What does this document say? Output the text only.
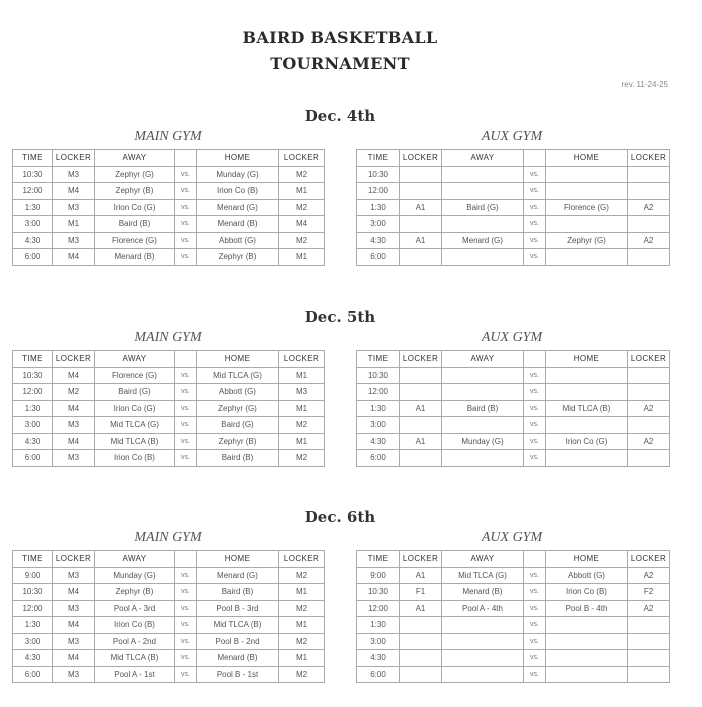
BAIRD BASKETBALL
TOURNAMENT
rev. 11-24-25
Dec. 4th
MAIN GYM	AUX GYM
TIME	LOCKER	AWAY		HOME	LOCKER
10:30	M3	Zephyr (G)	vs.	Munday (G)	M2
12:00	M4	Zephyr (B)	vs.	Irion Co (B)	M1
1:30	M3	Irion Co (G)	vs.	Menard (G)	M2
3:00	M1	Baird (B)	vs.	Menard (B)	M4
4:30	M3	Florence (G)	vs.	Abbott (G)	M2
6:00	M4	Menard (B)	vs.	Zephyr (B)	M1
TIME	LOCKER	AWAY		HOME	LOCKER
10:30			vs.		
12:00			vs.		
1:30	A1	Baird (G)	vs.	Florence (G)	A2
3:00			vs.		
4:30	A1	Menard (G)	vs.	Zephyr (G)	A2
6:00			vs.		
Dec. 5th
MAIN GYM	AUX GYM
TIME	LOCKER	AWAY		HOME	LOCKER
10:30	M4	Florence (G)	vs.	Mid TLCA (G)	M1
12:00	M2	Baird (G)	vs.	Abbott (G)	M3
1:30	M4	Irion Co (G)	vs.	Zephyr (G)	M1
3:00	M3	Mid TLCA (G)	vs.	Baird (G)	M2
4:30	M4	Mid TLCA (B)	vs.	Zephyr (B)	M1
6:00	M3	Irion Co (B)	vs.	Baird (B)	M2
TIME	LOCKER	AWAY		HOME	LOCKER
10:30			vs.		
12:00			vs.		
1:30	A1	Baird (B)	vs.	Mid TLCA (B)	A2
3:00			vs.		
4:30	A1	Munday (G)	vs.	Irion Co (G)	A2
6:00			vs.		
Dec. 6th
MAIN GYM	AUX GYM
TIME	LOCKER	AWAY		HOME	LOCKER
9:00	M3	Munday (G)	vs.	Menard (G)	M2
10:30	M4	Zephyr (B)	vs.	Baird (B)	M1
12:00	M3	Pool A - 3rd	vs.	Pool B - 3rd	M2
1:30	M4	Irion Co (B)	vs.	Mid TLCA (B)	M1
3:00	M3	Pool A - 2nd	vs.	Pool B - 2nd	M2
4:30	M4	Mid TLCA (B)	vs.	Menard (B)	M1
6:00	M3	Pool A - 1st	vs.	Pool B - 1st	M2
TIME	LOCKER	AWAY		HOME	LOCKER
9:00	A1	Mid TLCA (G)	vs.	Abbott (G)	A2
10:30	F1	Menard (B)	vs.	Irion Co (B)	F2
12:00	A1	Pool A - 4th	vs.	Pool B - 4th	A2
1:30			vs.		
3:00			vs.		
4:30			vs.		
6:00			vs.		
